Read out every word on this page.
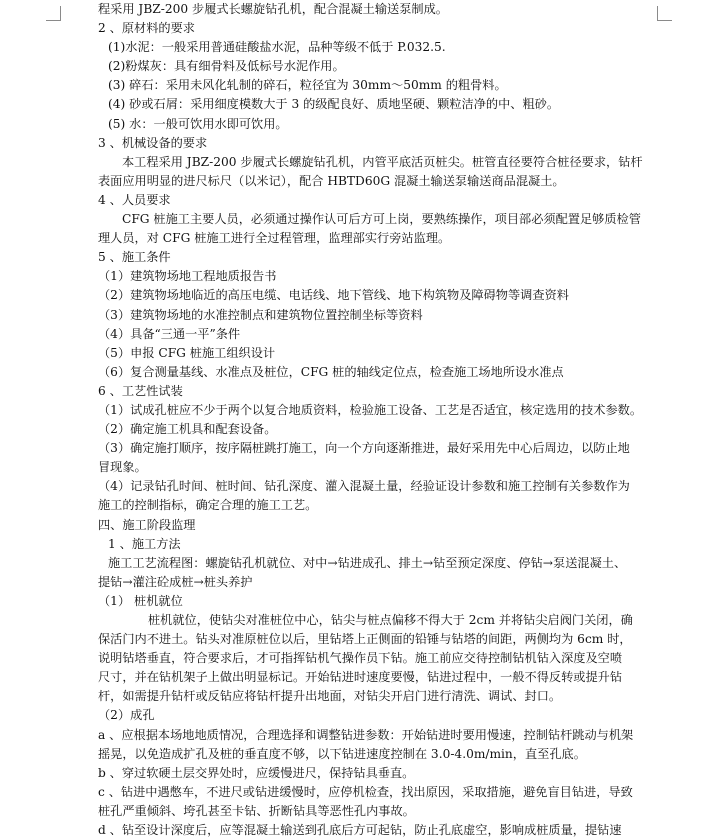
程采用 JBZ-200 步履式长螺旋钻孔机，配合混凝土输送泵制成。
2 、原材料的要求
(1)水泥：一般采用普通硅酸盐水泥，品种等级不低于 P.032.5.
(2)粉煤灰：具有细骨料及低标号水泥作用。
(3) 碎石：采用未风化轧制的碎石，粒径宜为 30mm～50mm 的粗骨料。
(4) 砂或石屑：采用细度模数大于 3 的级配良好、质地坚硬、颗粒洁净的中、粗砂。
(5) 水：一般可饮用水即可饮用。
3 、机械设备的要求
本工程采用 JBZ-200 步履式长螺旋钻孔机，内管平底活页桩尖。桩管直径要符合桩径要求，钻杆
表面应用明显的进尺标尺（以米记），配合 HBTD60G 混凝土输送泵输送商品混凝土。
4 、人员要求
CFG 桩施工主要人员，必须通过操作认可后方可上岗，要熟练操作，项目部必须配置足够质检管
理人员，对 CFG 桩施工进行全过程管理，监理部实行旁站监理。
5 、施工条件
（1）建筑物场地工程地质报告书
（2）建筑物场地临近的高压电缆、电话线、地下管线、地下构筑物及障碍物等调查资料
（3）建筑物场地的水准控制点和建筑物位置控制坐标等资料
（4）具备“三通一平”条件
（5）申报 CFG 桩施工组织设计
（6）复合测量基线、水准点及桩位，CFG 桩的轴线定位点，检查施工场地所设水准点
6 、工艺性试装
（1）试成孔桩应不少于两个以复合地质资料，检验施工设备、工艺是否适宜，核定选用的技术参数。
（2）确定施工机具和配套设备。
（3）确定施打顺序，按序隔桩跳打施工，向一个方向逐渐推进，最好采用先中心后周边，以防止地
冒现象。
（4）记录钻孔时间、桩时间、钻孔深度、灌入混凝土量，经验证设计参数和施工控制有关参数作为
施工的控制指标，确定合理的施工工艺。
四、施工阶段监理
1 、施工方法
施工工艺流程图：螺旋钻孔机就位、对中→钻进成孔、排土→钻至预定深度、停钻→泵送混凝土、
提钻→灌注砼成桩→桩头养护
（1） 桩机就位
桩机就位，使钻尖对准桩位中心，钻尖与桩点偏移不得大于 2cm 并将钻尖启阀门关闭，确
保活门内不进土。钻头对准原桩位以后，里钻塔上正侧面的铅锤与钻塔的间距，两侧均为 6cm 时，
说明钻塔垂直，符合要求后，才可指挥钻机气操作员下钻。施工前应交待控制钻机钻入深度及空喷
尺寸，并在钻机架子上做出明显标记。开始钻进时速度要慢，钻进过程中，一般不得反转或提升钻
杆，如需提升钻杆或反钻应将钻杆提升出地面，对钻尖开启门进行清洗、调试、封口。
（2）成孔
a 、应根据本场地地质情况，合理选择和调整钻进参数：开始钻进时要用慢速，控制钻杆跳动与机架
摇晃，以免造成扩孔及桩的垂直度不够，以下钻进速度控制在 3.0-4.0m/min，直至孔底。
b 、穿过软硬土层交界处时，应缓慢进尺，保持钻具垂直。
c 、钻进中遇憋车，不进尺或钻进缓慢时，应停机检查，找出原因，采取措施，避免盲目钻进，导致
桩孔严重倾斜、垮孔甚至卡钻、折断钻具等恶性孔内事故。
d 、钻至设计深度后，应等混凝土输送到孔底后方可起钻，防止孔底虚空，影响成桩质量，提钻速
